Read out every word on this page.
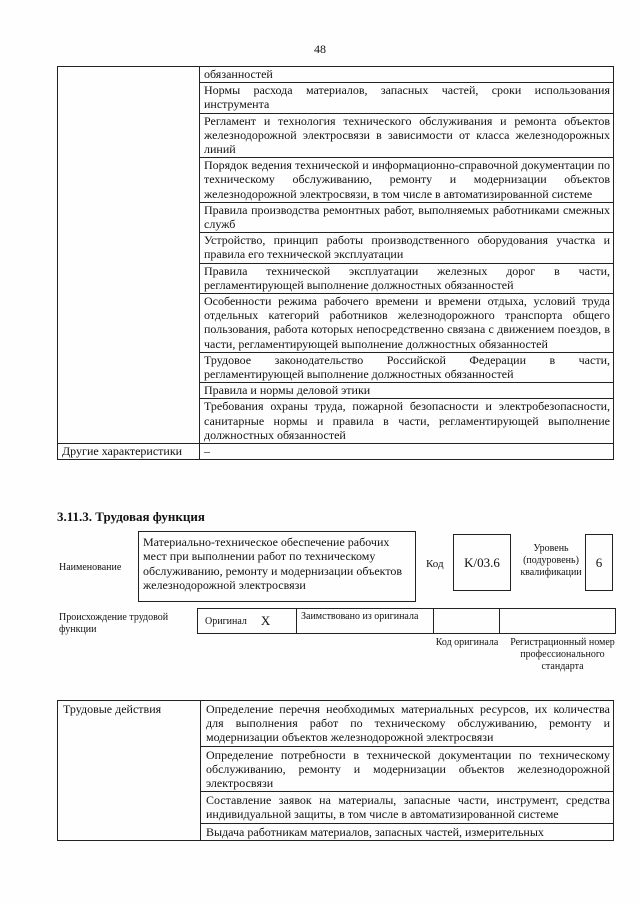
48
	обязанностей
	Нормы расхода материалов, запасных частей, сроки использования инструмента
	Регламент и технология технического обслуживания и ремонта объектов железнодорожной электросвязи в зависимости от класса железнодорожных линий
	Порядок ведения технической и информационно-справочной документации по техническому обслуживанию, ремонту и модернизации объектов железнодорожной электросвязи, в том числе в автоматизированной системе
	Правила производства ремонтных работ, выполняемых работниками смежных служб
	Устройство, принцип работы производственного оборудования участка и правила его технической эксплуатации
	Правила технической эксплуатации железных дорог в части, регламентирующей выполнение должностных обязанностей
	Особенности режима рабочего времени и времени отдыха, условий труда отдельных категорий работников железнодорожного транспорта общего пользования, работа которых непосредственно связана с движением поездов, в части, регламентирующей выполнение должностных обязанностей
	Трудовое законодательство Российской Федерации в части, регламентирующей выполнение должностных обязанностей
	Правила и нормы деловой этики
	Требования охраны труда, пожарной безопасности и электробезопасности, санитарные нормы и правила в части, регламентирующей выполнение должностных обязанностей
Другие характеристики	–
3.11.3. Трудовая функция
Наименование
Материально-техническое обеспечение рабочих мест при выполнении работ по техническому обслуживанию, ремонту и модернизации объектов железнодорожной электросвязи
Код	K/03.6
Уровень (подуровень) квалификации
6
Происхождение трудовой функции
Оригинал X	Заимствовано из оригинала
Код оригинала	Регистрационный номер профессионального стандарта
Трудовые действия	Определение перечня необходимых материальных ресурсов, их количества для выполнения работ по техническому обслуживанию, ремонту и модернизации объектов железнодорожной электросвязи
Определение потребности в технической документации по техническому обслуживанию, ремонту и модернизации объектов железнодорожной электросвязи
Составление заявок на материалы, запасные части, инструмент, средства индивидуальной защиты, в том числе в автоматизированной системе
Выдача работникам материалов, запасных частей, измерительных
